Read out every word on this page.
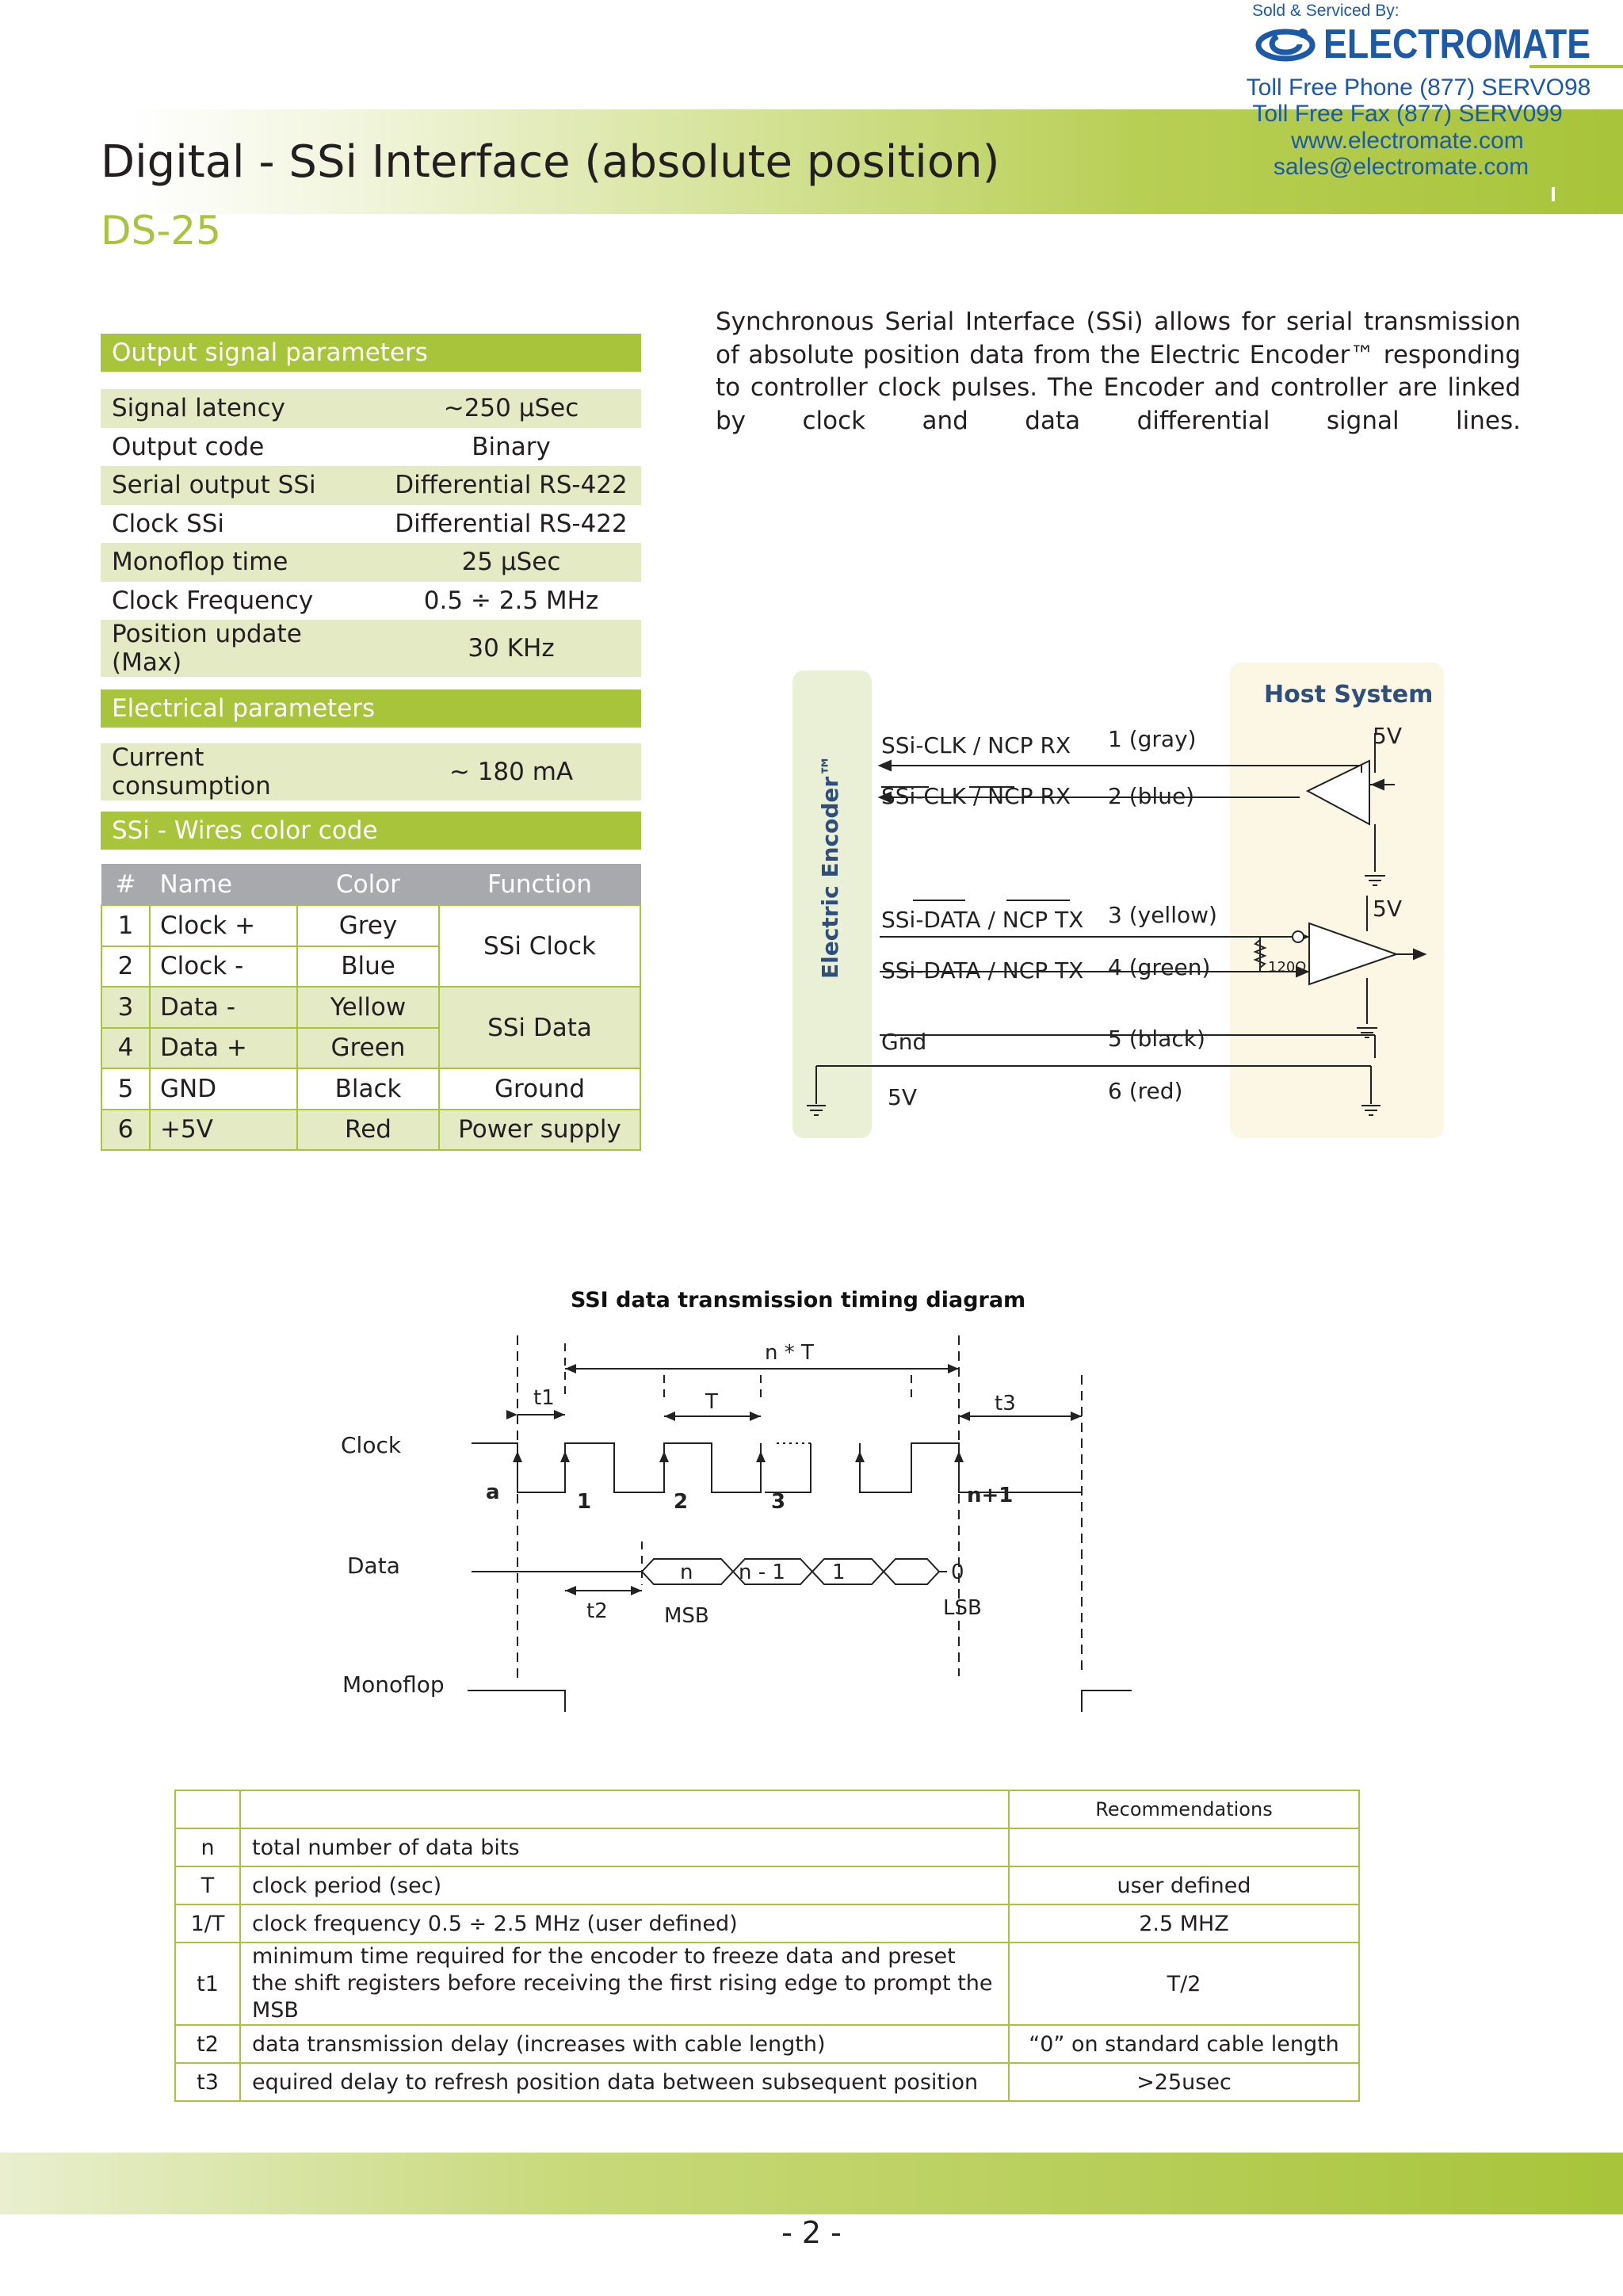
Digital - SSi Interface (absolute position)
DS-25
Sold & Serviced By:
ELECTROMATE
Toll Free Phone (877) SERVO98
Toll Free Fax (877) SERV099
www.electromate.com
sales@electromate.com
Output signal parameters
Signal latency	~250 µSec
Output code	Binary
Serial output SSi	Differential RS-422
Clock SSi	Differential RS-422
Monoflop time	25 µSec
Clock Frequency	0.5 ÷ 2.5 MHz
Position update (Max)	30 KHz
Electrical parameters
Current consumption	~ 180 mA
SSi - Wires color code
#	Name	Color	Function
1	Clock +	Grey	SSi Clock
2	Clock -	Blue	
3	Data -	Yellow	SSi Data
4	Data +	Green	
5	GND	Black	Ground
6	+5V	Red	Power supply
Synchronous Serial Interface (SSi) allows for serial transmission of absolute position data from the Electric Encoder™ responding to controller clock pulses. The Encoder and controller are linked by clock and data differential signal lines.
Electric Encoder™
Host System
SSi-CLK / NCP RX
SSi-CLK / NCP RX
SSi-DATA / NCP TX
SSi-DATA / NCP TX
Gnd
5V
1 (gray)
2 (blue)
3 (yellow)
4 (green)
5 (black)
6 (red)
5V
5V
120Ω
SSI data transmission timing diagram
n * T
t1	T	t3
t2
Clock
Data
Monoflop
a	1	2	3	n+1
n n - 1 1	0
MSB	LSB
		Recommendations
n	total number of data bits	
T	clock period (sec)	user defined
1/T	clock frequency 0.5 ÷ 2.5 MHz (user defined)	2.5 MHZ
t1	minimum time required for the encoder to freeze data and preset
the shift registers before receiving the first rising edge to prompt the MSB	T/2
t2	data transmission delay (increases with cable length)	“0” on standard cable length
t3	equired delay to refresh position data between subsequent position	>25usec
- 2 -
